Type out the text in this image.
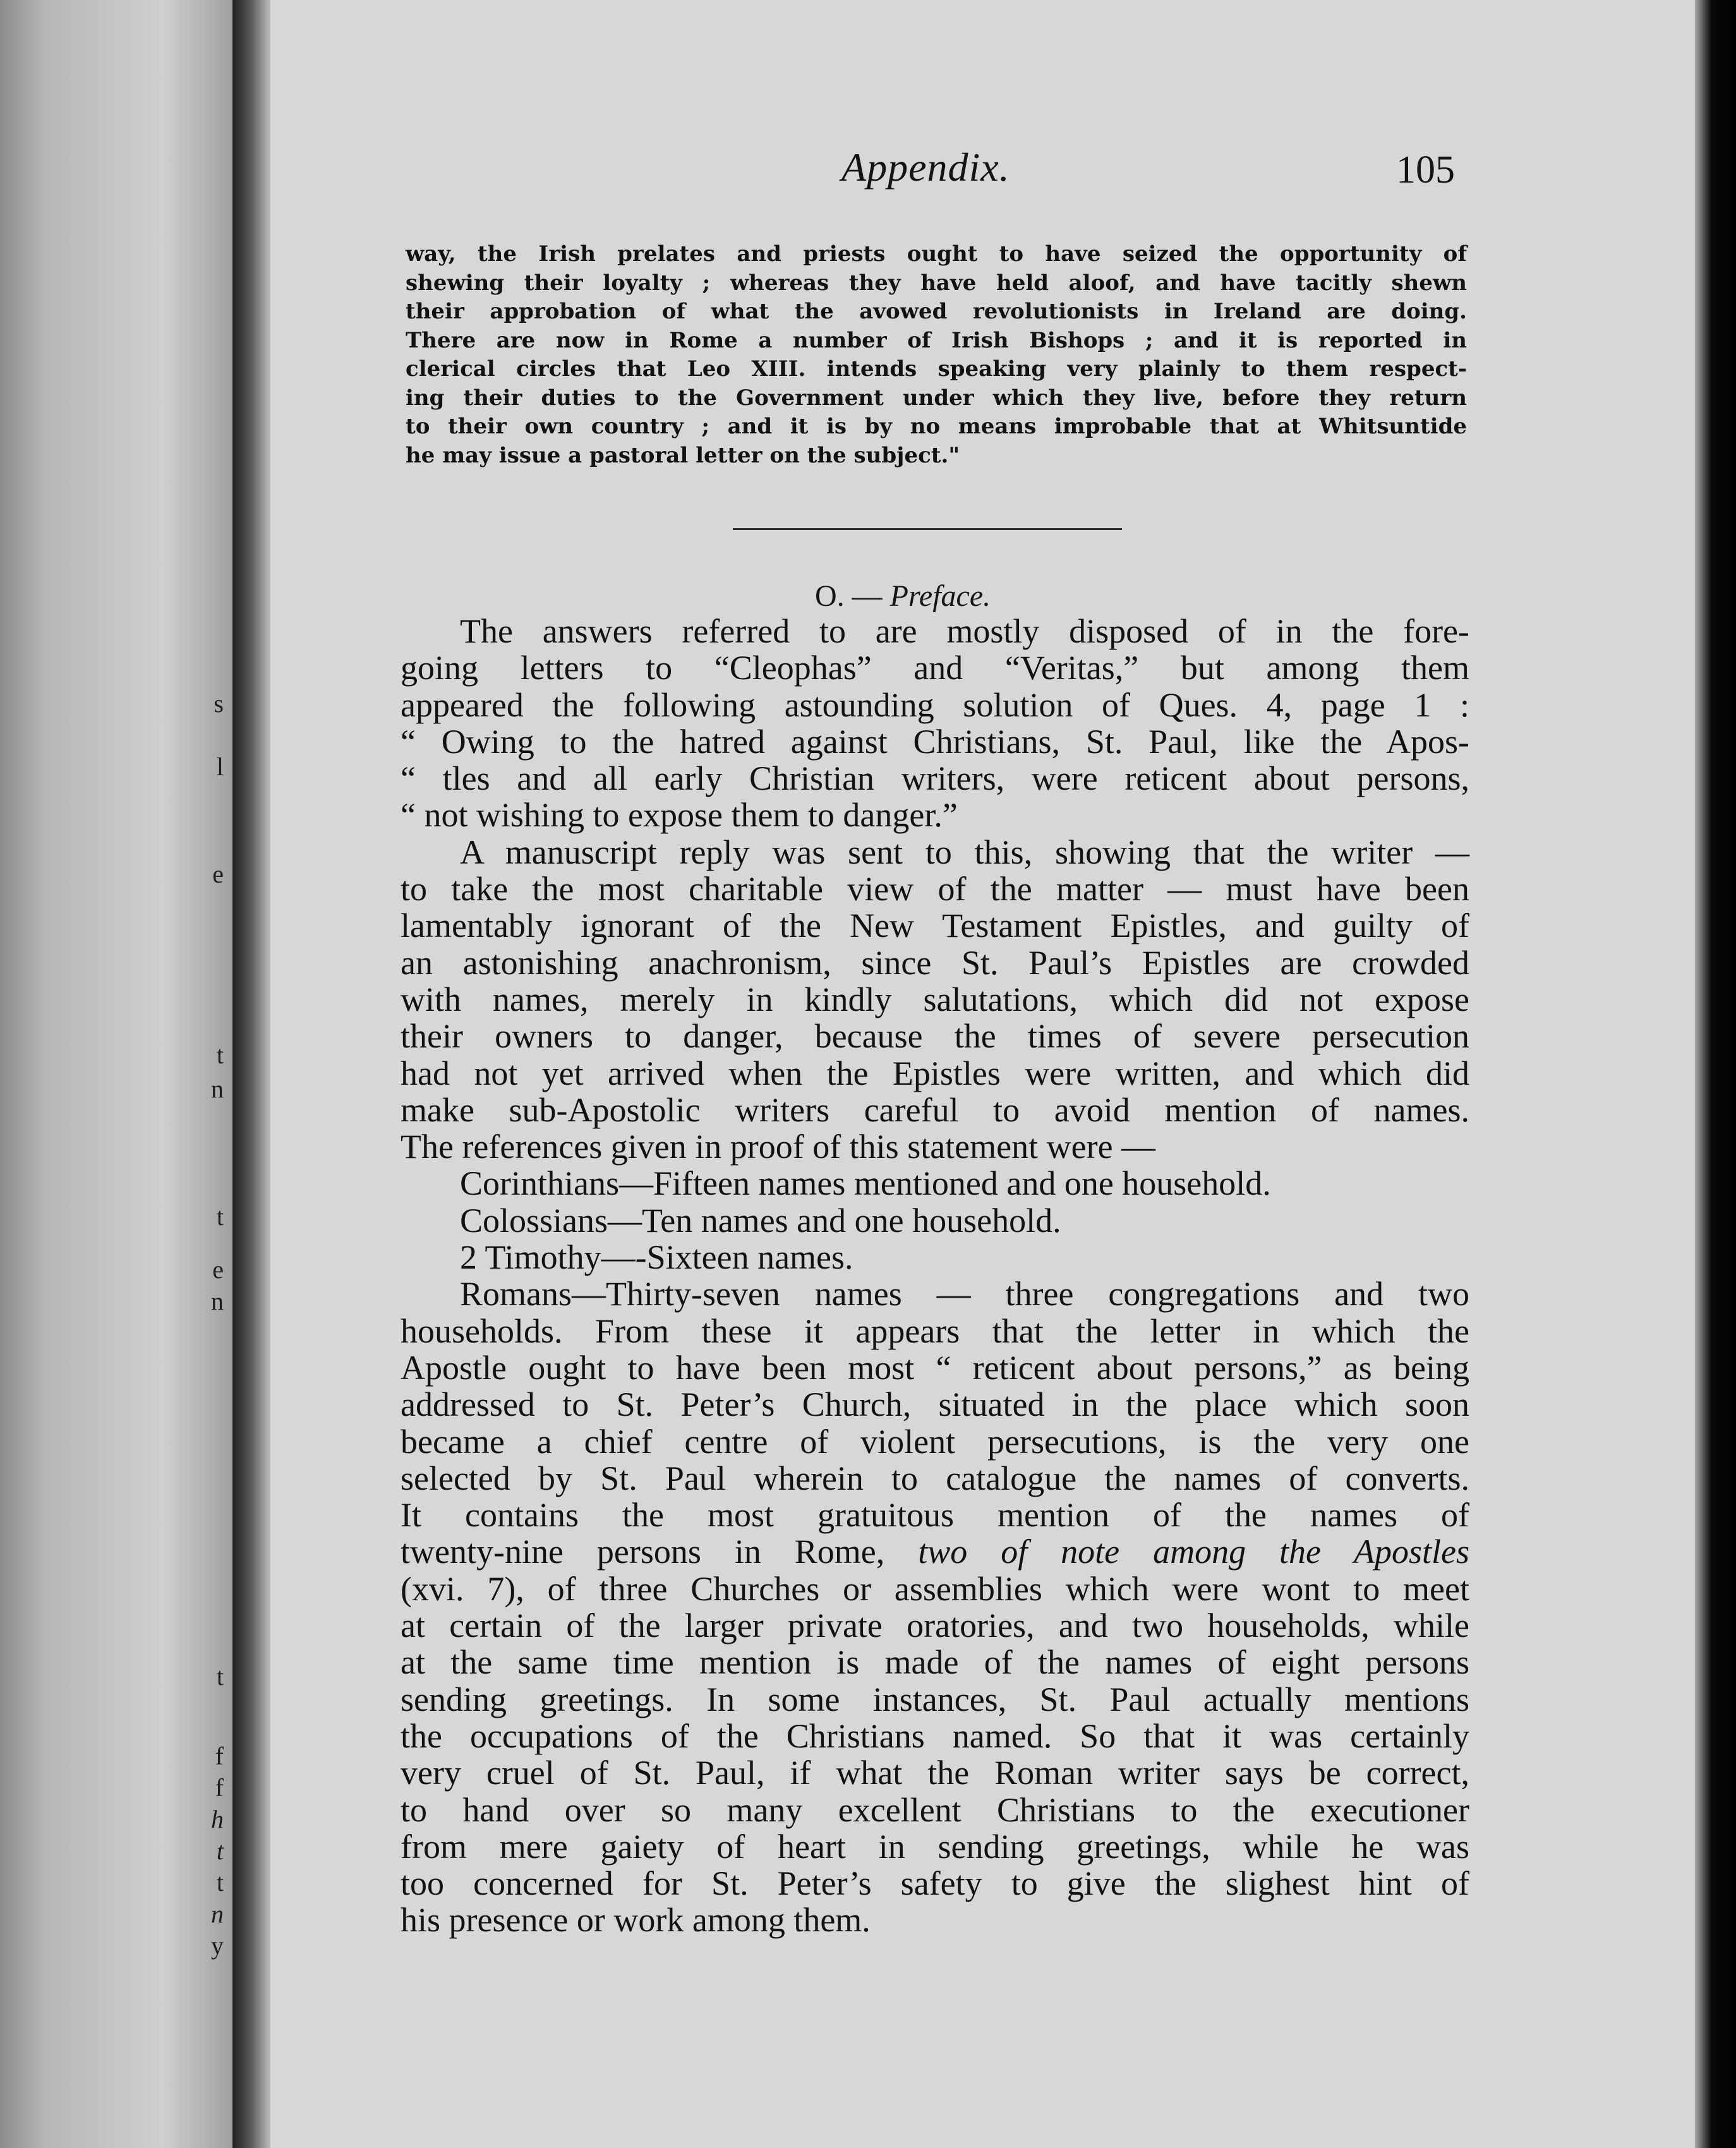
s
l
e
t
n
t
e
n
t
f
f
h
t
t
n
y
Appendix.	105
way, the Irish prelates and priests ought to have seized the opportunity of
shewing their loyalty ; whereas they have held aloof, and have tacitly shewn
their approbation of what the avowed revolutionists in Ireland are doing.
There are now in Rome a number of Irish Bishops ; and it is reported in
clerical circles that Leo XIII. intends speaking very plainly to them respect-
ing their duties to the Government under which they live, before they return
to their own country ; and it is by no means improbable that at Whitsuntide
he may issue a pastoral letter on the subject."
O. — Preface.
The answers referred to are mostly disposed of in the fore-
going letters to “Cleophas” and “Veritas,” but among them
appeared the following astounding solution of Ques. 4, page 1 :
“ Owing to the hatred against Christians, St. Paul, like the Apos-
“ tles and all early Christian writers, were reticent about persons,
“ not wishing to expose them to danger.”
A manuscript reply was sent to this, showing that the writer —
to take the most charitable view of the matter — must have been
lamentably ignorant of the New Testament Epistles, and guilty of
an astonishing anachronism, since St. Paul’s Epistles are crowded
with names, merely in kindly salutations, which did not expose
their owners to danger, because the times of severe persecution
had not yet arrived when the Epistles were written, and which did
make sub-Apostolic writers careful to avoid mention of names.
The references given in proof of this statement were —
Corinthians—Fifteen names mentioned and one household.
Colossians—Ten names and one household.
2 Timothy—-Sixteen names.
Romans—Thirty-seven names — three congregations and two
households. From these it appears that the letter in which the
Apostle ought to have been most “ reticent about persons,” as being
addressed to St. Peter’s Church, situated in the place which soon
became a chief centre of violent persecutions, is the very one
selected by St. Paul wherein to catalogue the names of converts.
It contains the most gratuitous mention of the names of
twenty-nine persons in Rome, two of note among the Apostles
(xvi. 7), of three Churches or assemblies which were wont to meet
at certain of the larger private oratories, and two households, while
at the same time mention is made of the names of eight persons
sending greetings. In some instances, St. Paul actually mentions
the occupations of the Christians named. So that it was certainly
very cruel of St. Paul, if what the Roman writer says be correct,
to hand over so many excellent Christians to the executioner
from mere gaiety of heart in sending greetings, while he was
too concerned for St. Peter’s safety to give the slighest hint of
his presence or work among them.
